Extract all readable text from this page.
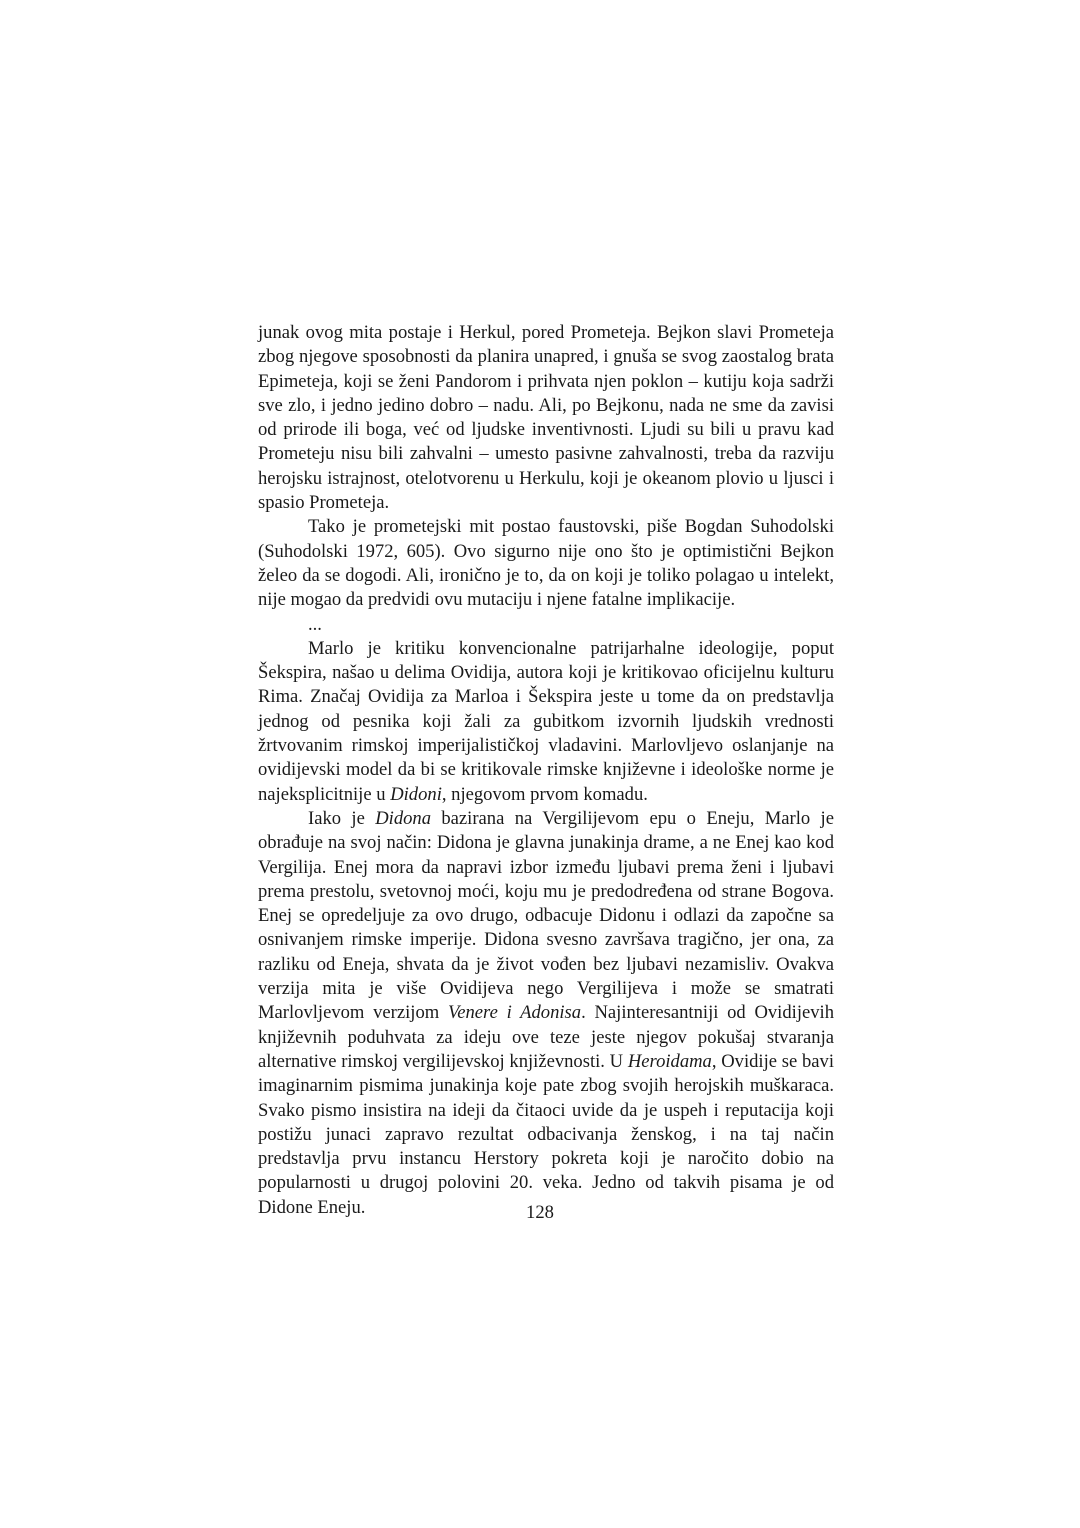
junak ovog mita postaje i Herkul, pored Prometeja. Bejkon slavi Prometeja zbog njegove sposobnosti da planira unapred, i gnuša se svog zaostalog brata Epimeteja, koji se ženi Pandorom i prihvata njen poklon – kutiju koja sadrži sve zlo, i jedno jedino dobro – nadu. Ali, po Bejkonu, nada ne sme da zavisi od prirode ili boga, već od ljudske inventivnosti. Ljudi su bili u pravu kad Prometeju nisu bili zahvalni – umesto pasivne zahvalnosti, treba da razviju herojsku istrajnost, otelotvorenu u Herkulu, koji je okeanom plovio u ljusci i spasio Prometeja.

Tako je prometejski mit postao faustovski, piše Bogdan Suhodolski (Suhodolski 1972, 605). Ovo sigurno nije ono što je optimistični Bejkon želeo da se dogodi. Ali, ironično je to, da on koji je toliko polagao u intelekt, nije mogao da predvidi ovu mutaciju i njene fatalne implikacije.

...

Marlo je kritiku konvencionalne patrijarhalne ideologije, poput Šekspira, našao u delima Ovidija, autora koji je kritikovao oficijelnu kulturu Rima. Značaj Ovidija za Marloa i Šekspira jeste u tome da on predstavlja jednog od pesnika koji žali za gubitkom izvornih ljudskih vrednosti žrtvovanim rimskoj imperijalističkoj vladavini. Marlovljevo oslanjanje na ovidijevski model da bi se kritikovale rimske književne i ideološke norme je najeksplicitnije u Didoni, njegovom prvom komadu.

Iako je Didona bazirana na Vergilijevom epu o Eneju, Marlo je obrađuje na svoj način: Didona je glavna junakinja drame, a ne Enej kao kod Vergilija. Enej mora da napravi izbor između ljubavi prema ženi i ljubavi prema prestolu, svetovnoj moći, koju mu je predodređena od strane Bogova. Enej se opredeljuje za ovo drugo, odbacuje Didonu i odlazi da započne sa osnivanjem rimske imperije. Didona svesno završava tragično, jer ona, za razliku od Eneja, shvata da je život vođen bez ljubavi nezamisliv. Ovakva verzija mita je više Ovidijeva nego Vergilijeva i može se smatrati Marlovljevom verzijom Venere i Adonisa. Najinteresantniji od Ovidijevih književnih poduhvata za ideju ove teze jeste njegov pokušaj stvaranja alternative rimskoj vergilijevskoj književnosti. U Heroidama, Ovidije se bavi imaginarnim pismima junakinja koje pate zbog svojih herojskih muškaraca. Svako pismo insistira na ideji da čitaoci uvide da je uspeh i reputacija koji postižu junaci zapravo rezultat odbacivanja ženskog, i na taj način predstavlja prvu instancu Herstory pokreta koji je naročito dobio na popularnosti u drugoj polovini 20. veka. Jedno od takvih pisama je od Didone Eneju.	128
